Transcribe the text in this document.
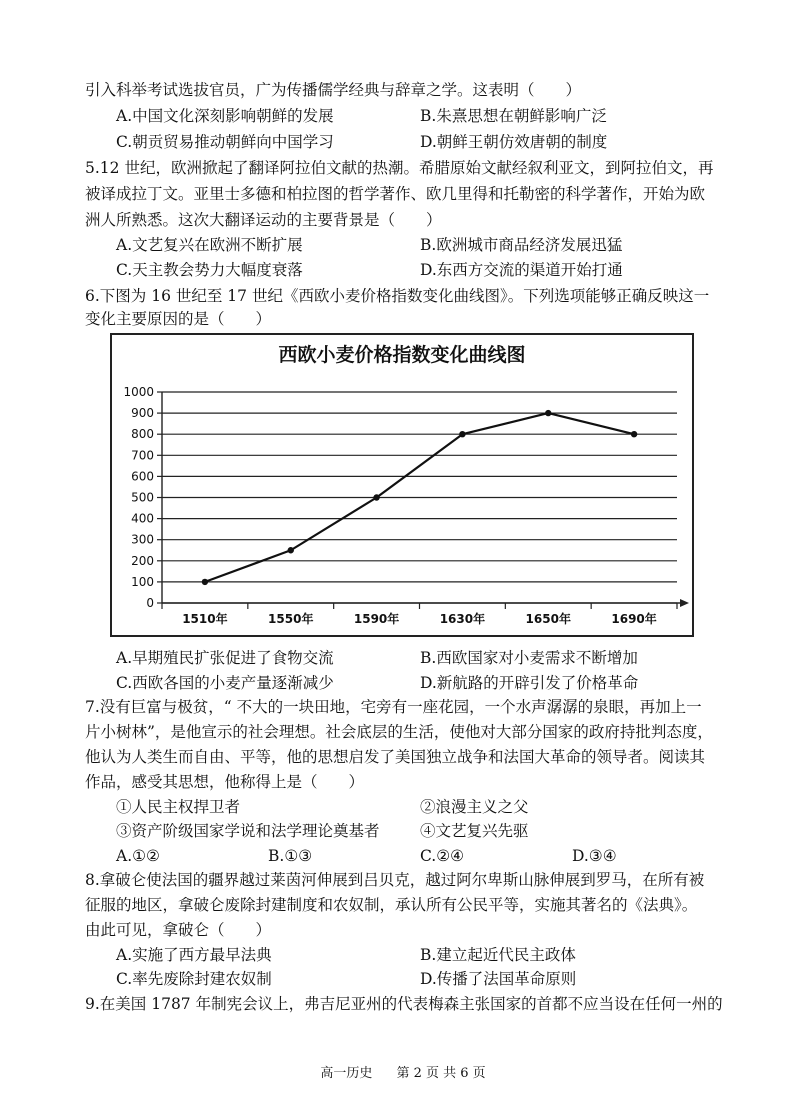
引入科举考试选拔官员，广为传播儒学经典与辞章之学。这表明（　　）
A.中国文化深刻影响朝鲜的发展	B.朱熹思想在朝鲜影响广泛
C.朝贡贸易推动朝鲜向中国学习	D.朝鲜王朝仿效唐朝的制度
5.12 世纪，欧洲掀起了翻译阿拉伯文献的热潮。希腊原始文献经叙利亚文，到阿拉伯文，再
被译成拉丁文。亚里士多德和柏拉图的哲学著作、欧几里得和托勒密的科学著作，开始为欧
洲人所熟悉。这次大翻译运动的主要背景是（　　）
A.文艺复兴在欧洲不断扩展	B.欧洲城市商品经济发展迅猛
C.天主教会势力大幅度衰落	D.东西方交流的渠道开始打通
6.下图为 16 世纪至 17 世纪《西欧小麦价格指数变化曲线图》。下列选项能够正确反映这一
变化主要原因的是（　　）
西欧小麦价格指数变化曲线图
0
100
200
300
400
500
600
700
800
900
1000
1510年	1550年	1590年	1630年	1650年	1690年
A.早期殖民扩张促进了食物交流	B.西欧国家对小麦需求不断增加
C.西欧各国的小麦产量逐渐减少	D.新航路的开辟引发了价格革命
7.没有巨富与极贫，“ 不大的一块田地，宅旁有一座花园，一个水声潺潺的泉眼，再加上一
片小树林”，是他宣示的社会理想。社会底层的生活，使他对大部分国家的政府持批判态度，
他认为人类生而自由、平等，他的思想启发了美国独立战争和法国大革命的领导者。阅读其
作品，感受其思想，他称得上是（　　）
①人民主权捍卫者	②浪漫主义之父
③资产阶级国家学说和法学理论奠基者	④文艺复兴先驱
A.①②	B.①③	C.②④	D.③④
8.拿破仑使法国的疆界越过莱茵河伸展到吕贝克，越过阿尔卑斯山脉伸展到罗马，在所有被
征服的地区，拿破仑废除封建制度和农奴制，承认所有公民平等，实施其著名的《法典》。
由此可见，拿破仑（　　）
A.实施了西方最早法典	B.建立起近代民主政体
C.率先废除封建农奴制	D.传播了法国革命原则
9.在美国 1787 年制宪会议上，弗吉尼亚州的代表梅森主张国家的首都不应当设在任何一州的
高一历史 第 2 页 共 6 页
